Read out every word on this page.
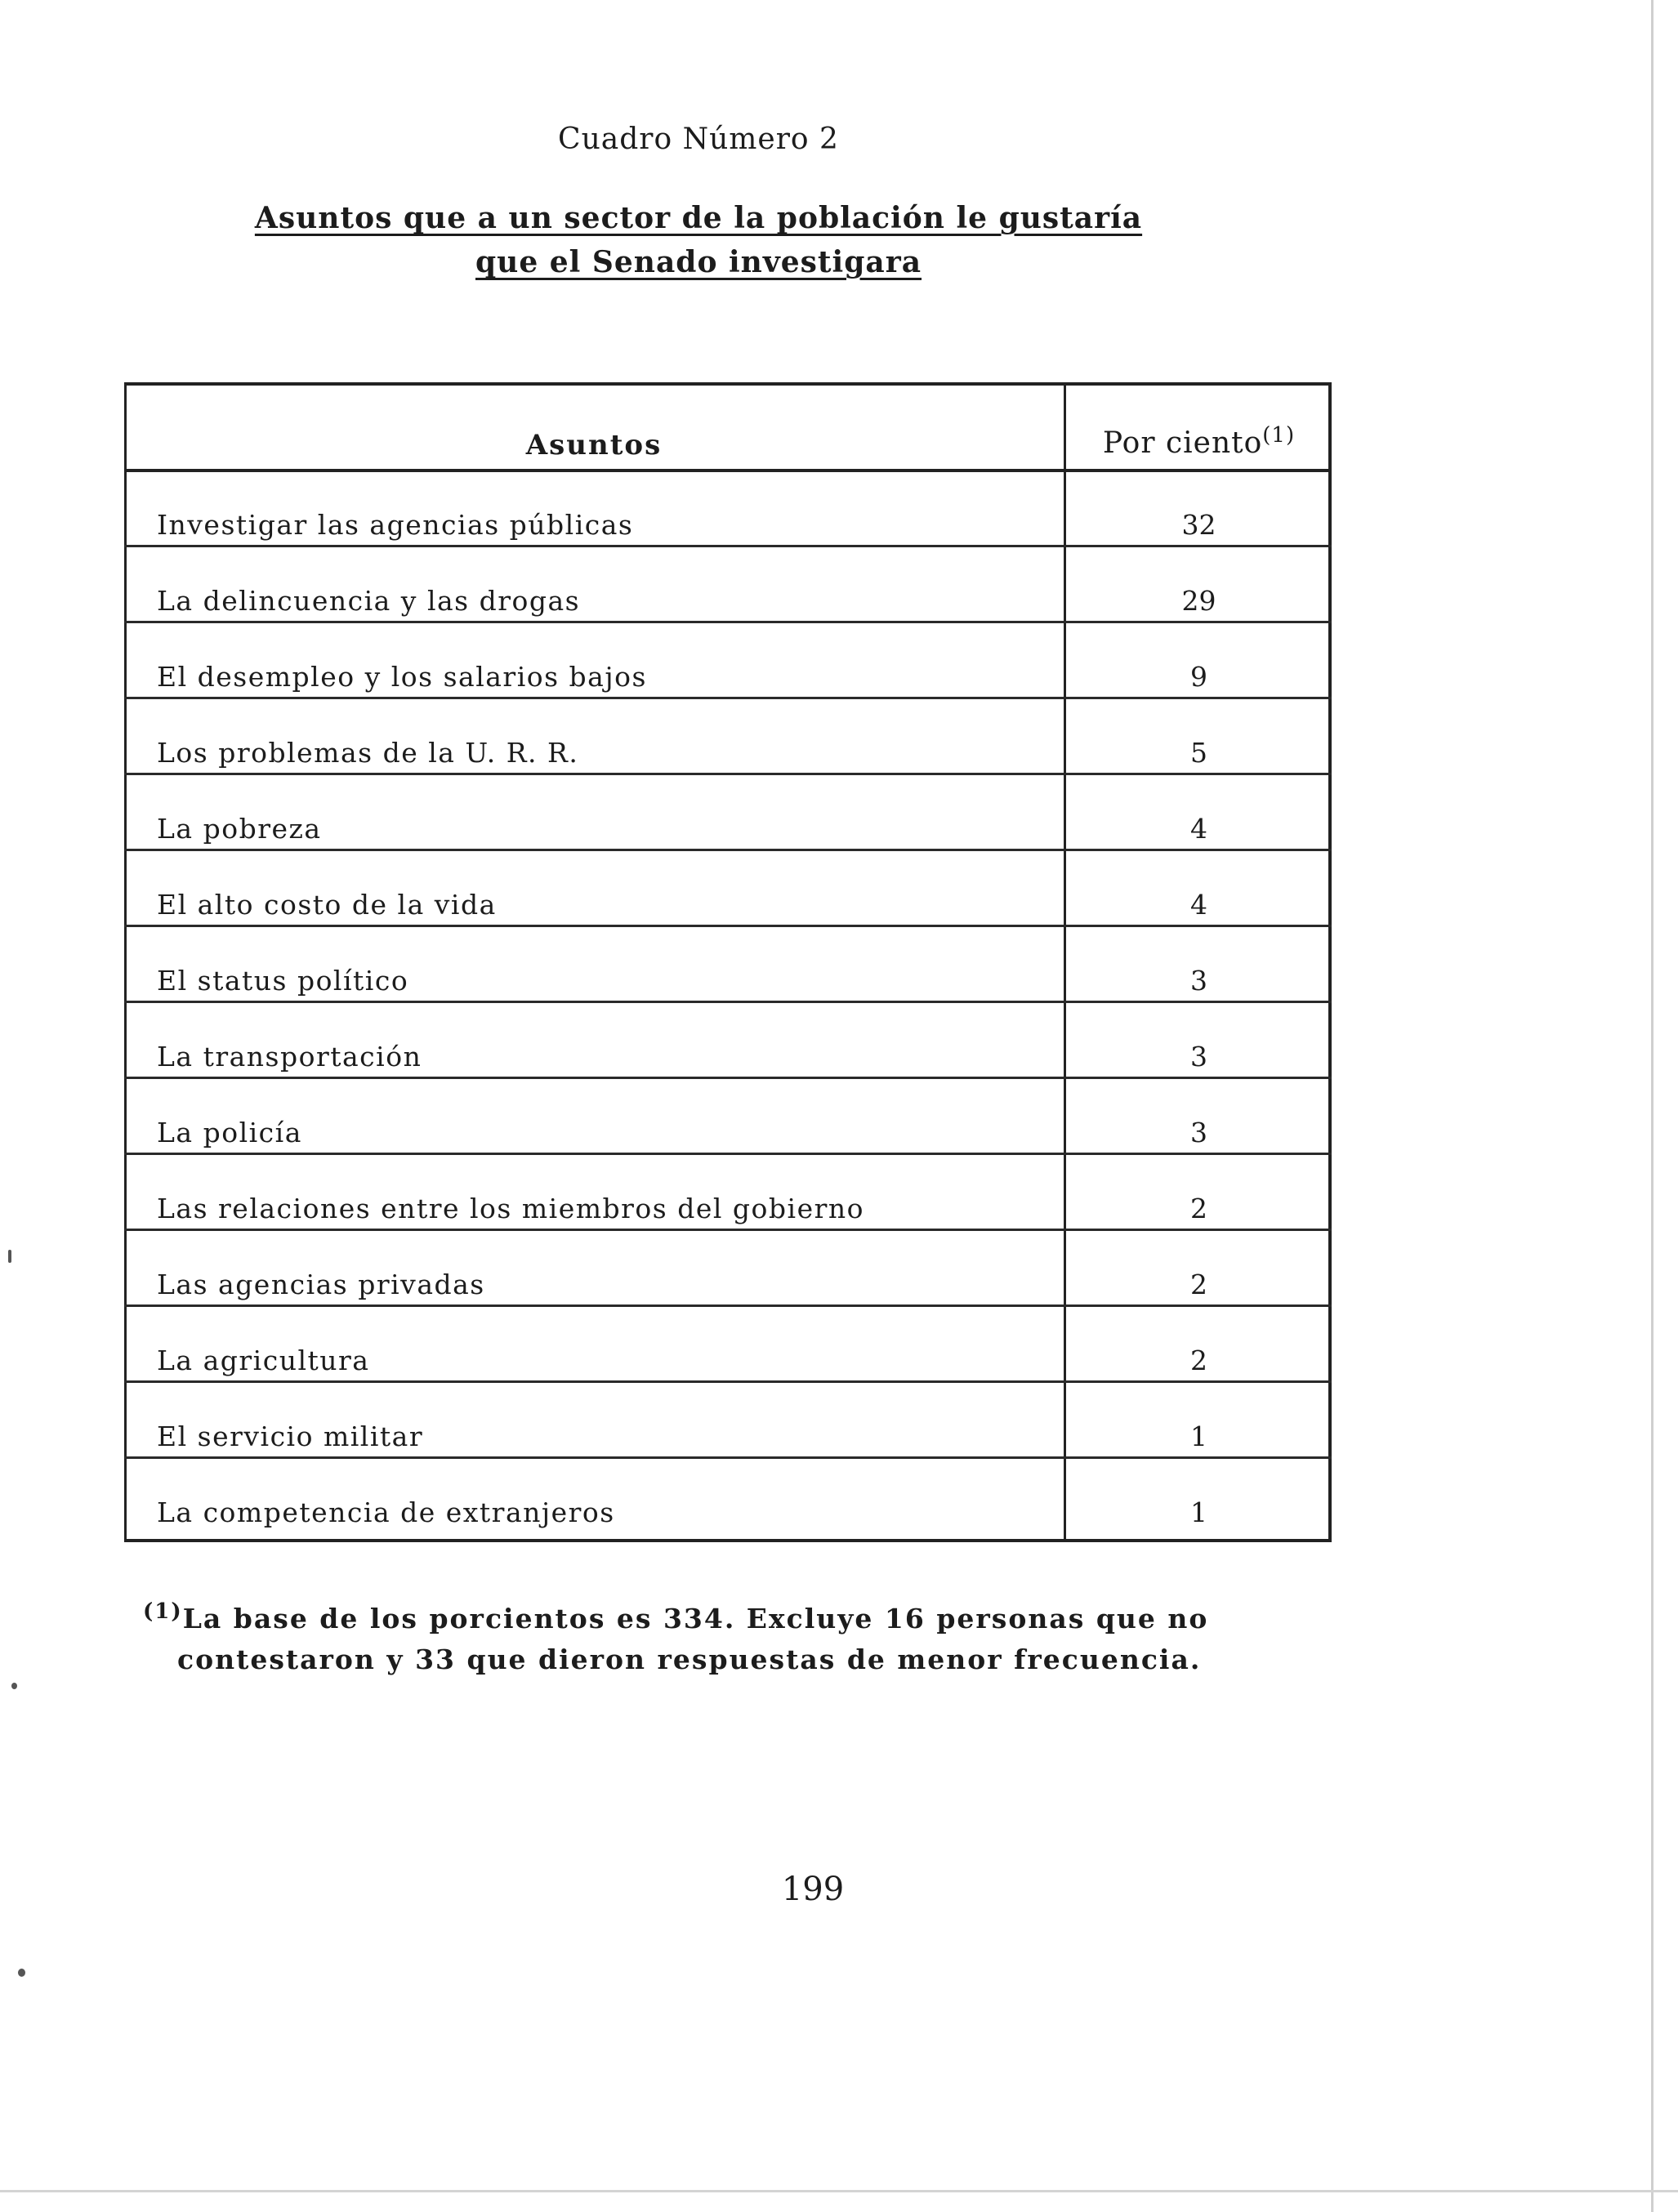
Cuadro Número 2
Asuntos que a un sector de la población le gustaría
que el Senado investigara
Asuntos	Por ciento$^{(1)}$
Investigar las agencias públicas	32
La delincuencia y las drogas	29
El desempleo y los salarios bajos	9
Los problemas de la U. R. R.	5
La pobreza	4
El alto costo de la vida	4
El status político	3
La transportación	3
La policía	3
Las relaciones entre los miembros del gobierno	2
Las agencias privadas	2
La agricultura	2
El servicio militar	1
La competencia de extranjeros	1
$^{(1)}$La base de los porcientos es 334. Excluye 16 personas que no
contestaron y 33 que dieron respuestas de menor frecuencia.
199
